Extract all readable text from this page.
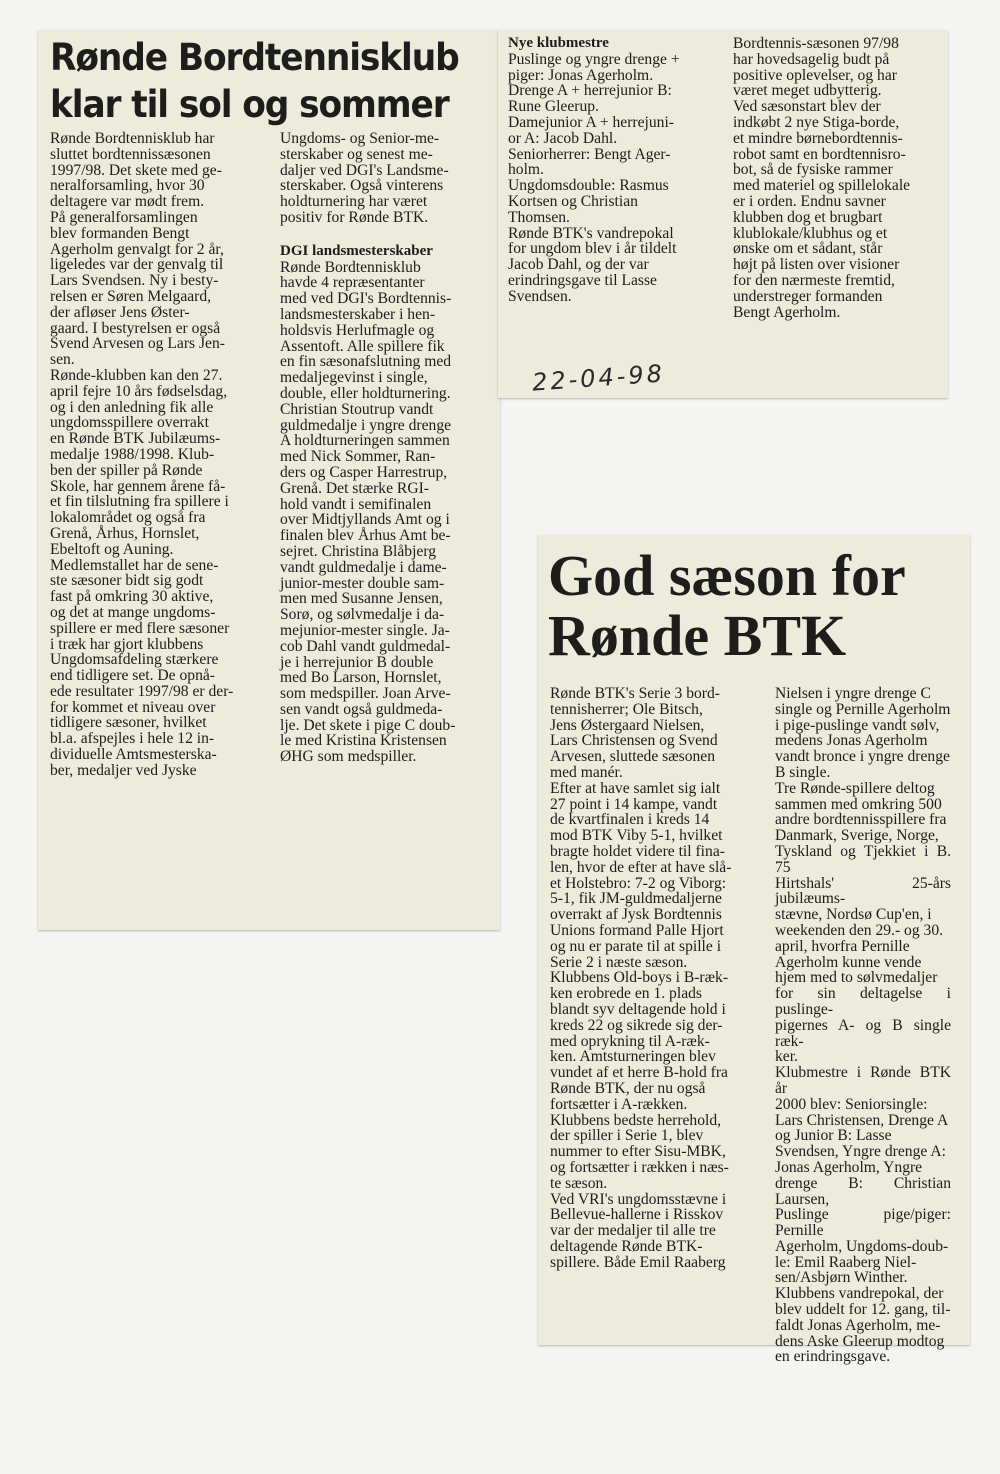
Rønde Bordtennisklub
klar til sol og sommer

Rønde Bordtennisklub har
sluttet bordtennissæsonen
1997/98. Det skete med ge-
neralforsamling, hvor 30
deltagere var mødt frem.

På generalforsamlingen
blev formanden Bengt
Agerholm genvalgt for 2 år,
ligeledes var der genvalg til
Lars Svendsen. Ny i besty-
relsen er Søren Melgaard,
der afløser Jens Øster-
gaard. I bestyrelsen er også
Svend Arvesen og Lars Jen-
sen.

Rønde-klubben kan den 27.
april fejre 10 års fødselsdag,
og i den anledning fik alle
ungdomsspillere overrakt
en Rønde BTK Jubilæums-
medalje 1988/1998. Klub-
ben der spiller på Rønde
Skole, har gennem årene få-
et fin tilslutning fra spillere i
lokalområdet og også fra
Grenå, Århus, Hornslet,
Ebeltoft og Auning.

Medlemstallet har de sene-
ste sæsoner bidt sig godt
fast på omkring 30 aktive,
og det at mange ungdoms-
spillere er med flere sæsoner
i træk har gjort klubbens
Ungdomsafdeling stærkere
end tidligere set. De opnå-
ede resultater 1997/98 er der-
for kommet et niveau over
tidligere sæsoner, hvilket
bl.a. afspejles i hele 12 in-
dividuelle Amtsmesterska-
ber, medaljer ved Jyske

Ungdoms- og Senior-me-
sterskaber og senest me-
daljer ved DGI's Landsme-
sterskaber. Også vinterens
holdturnering har været
positiv for Rønde BTK.

DGI landsmesterskaber

Rønde Bordtennisklub
havde 4 repræsentanter
med ved DGI's Bordtennis-
landsmesterskaber i hen-
holdsvis Herlufmagle og
Assentoft. Alle spillere fik
en fin sæsonafslutning med
medaljegevinst i single,
double, eller holdturnering.
Christian Stoutrup vandt
guldmedalje i yngre drenge
A holdturneringen sammen
med Nick Sommer, Ran-
ders og Casper Harrestrup,
Grenå. Det stærke RGI-
hold vandt i semifinalen
over Midtjyllands Amt og i
finalen blev Århus Amt be-
sejret. Christina Blåbjerg
vandt guldmedalje i dame-
junior-mester double sam-
men med Susanne Jensen,
Sorø, og sølvmedalje i da-
mejunior-mester single. Ja-
cob Dahl vandt guldmedal-
je i herrejunior B double
med Bo Larson, Hornslet,
som medspiller. Joan Arve-
sen vandt også guldmeda-
lje. Det skete i pige C doub-
le med Kristina Kristensen
ØHG som medspiller.

Nye klubmestre

Puslinge og yngre drenge +
piger: Jonas Agerholm.

Drenge A + herrejunior B:
Rune Gleerup.

Damejunior A + herrejuni-
or A: Jacob Dahl.

Seniorherrer: Bengt Ager-
holm.

Ungdomsdouble: Rasmus
Kortsen og Christian
Thomsen.

Rønde BTK's vandrepokal
for ungdom blev i år tildelt
Jacob Dahl, og der var
erindringsgave til Lasse
Svendsen.

22-04-98

Bordtennis-sæsonen 97/98
har hovedsagelig budt på
positive oplevelser, og har
været meget udbytterig.
Ved sæsonstart blev der
indkøbt 2 nye Stiga-borde,
et mindre børnebordtennis-
robot samt en bordtennisro-
bot, så de fysiske rammer
med materiel og spillelokale
er i orden. Endnu savner
klubben dog et brugbart
klublokale/klubhus og et
ønske om et sådant, står
højt på listen over visioner
for den nærmeste fremtid,
understreger formanden
Bengt Agerholm.

God sæson for
Rønde BTK

Rønde BTK's Serie 3 bord-
tennisherrer; Ole Bitsch,
Jens Østergaard Nielsen,
Lars Christensen og Svend
Arvesen, sluttede sæsonen
med manér.

Efter at have samlet sig ialt
27 point i 14 kampe, vandt
de kvartfinalen i kreds 14
mod BTK Viby 5-1, hvilket
bragte holdet videre til fina-
len, hvor de efter at have slå-
et Holstebro: 7-2 og Viborg:
5-1, fik JM-guldmedaljerne
overrakt af Jysk Bordtennis
Unions formand Palle Hjort
og nu er parate til at spille i
Serie 2 i næste sæson.

Klubbens Old-boys i B-ræk-
ken erobrede en 1. plads
blandt syv deltagende hold i
kreds 22 og sikrede sig der-
med oprykning til A-ræk-
ken. Amtsturneringen blev
vundet af et herre B-hold fra
Rønde BTK, der nu også
fortsætter i A-rækken.

Klubbens bedste herrehold,
der spiller i Serie 1, blev
nummer to efter Sisu-MBK,
og fortsætter i rækken i næs-
te sæson.

Ved VRI's ungdomsstævne i
Bellevue-hallerne i Risskov
var der medaljer til alle tre
deltagende Rønde BTK-
spillere. Både Emil Raaberg

Nielsen i yngre drenge C
single og Pernille Agerholm
i pige-puslinge vandt sølv,
medens Jonas Agerholm
vandt bronce i yngre drenge
B single.

Tre Rønde-spillere deltog
sammen med omkring 500
andre bordtennisspillere fra
Danmark, Sverige, Norge,
Tyskland og Tjekkiet i B. 75
Hirtshals' 25-års jubilæums-
stævne, Nordsø Cup'en, i
weekenden den 29.- og 30.
april, hvorfra Pernille
Agerholm kunne vende
hjem med to sølvmedaljer
for sin deltagelse i puslinge-
pigernes A- og B single ræk-
ker.

Klubmestre i Rønde BTK år
2000 blev: Seniorsingle:
Lars Christensen, Drenge A
og Junior B: Lasse
Svendsen, Yngre drenge A:
Jonas Agerholm, Yngre
drenge B: Christian Laursen,
Puslinge pige/piger: Pernille
Agerholm, Ungdoms-doub-
le: Emil Raaberg Niel-
sen/Asbjørn Winther.

Klubbens vandrepokal, der
blev uddelt for 12. gang, til-
faldt Jonas Agerholm, me-
dens Aske Gleerup modtog
en erindringsgave.
